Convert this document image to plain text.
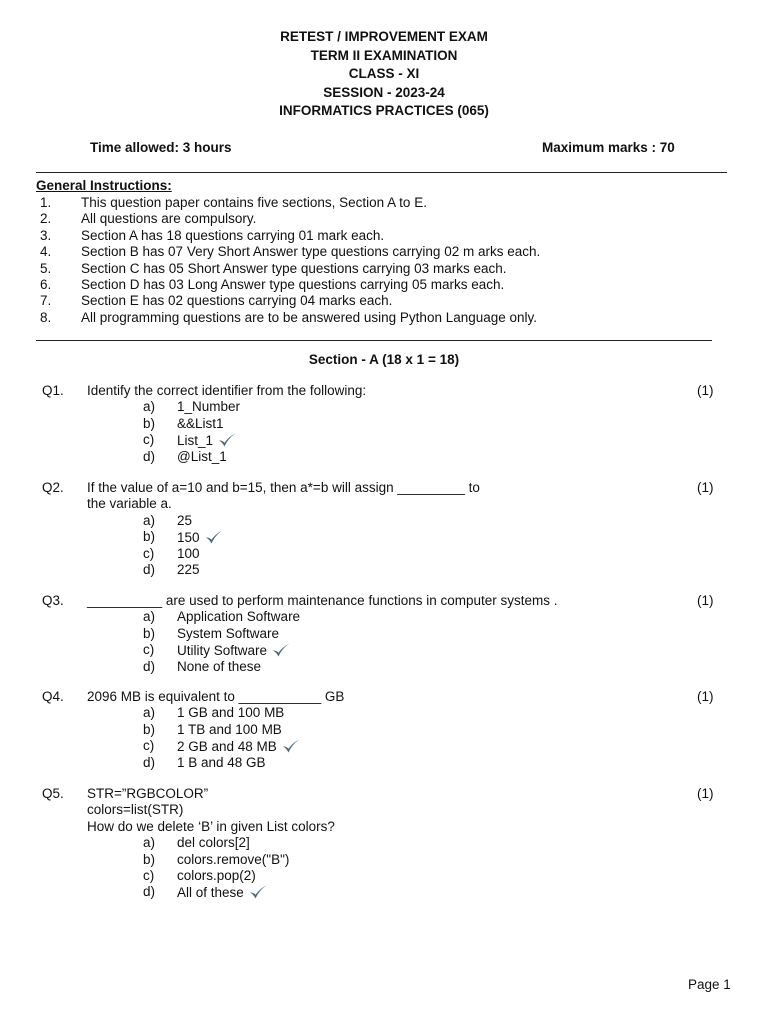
RETEST / IMPROVEMENT EXAM
TERM II EXAMINATION
CLASS - XI
SESSION - 2023-24
INFORMATICS PRACTICES (065)
Time allowed: 3 hours	Maximum marks : 70
General Instructions:
1. This question paper contains five sections, Section A to E.
2. All questions are compulsory.
3. Section A has 18 questions carrying 01 mark each.
4. Section B has 07 Very Short Answer type questions carrying 02 m arks each.
5. Section C has 05 Short Answer type questions carrying 03 marks each.
6. Section D has 03 Long Answer type questions carrying 05 marks each.
7. Section E has 02 questions carrying 04 marks each.
8. All programming questions are to be answered using Python Language only.
Section - A (18 x 1 = 18)
Q1. Identify the correct identifier from the following:	(1)
a) 1_Number
b) &&List1
c) List_1
d) @List_1
Q2. If the value of a=10 and b=15, then a*=b will assign _________ to
the variable a.
(1)
a) 25
b) 150
c) 100
d) 225
Q3. __________ are used to perform maintenance functions in computer systems .	(1)
a) Application Software
b) System Software
c) Utility Software
d) None of these
Q4. 2096 MB is equivalent to ___________ GB	(1)
a) 1 GB and 100 MB
b) 1 TB and 100 MB
c) 2 GB and 48 MB
d) 1 B and 48 GB
Q5. STR=”RGBCOLOR”
colors=list(STR)
How do we delete ‘B’ in given List colors?
(1)
a) del colors[2]
b) colors.remove("B")
c) colors.pop(2)
d) All of these
Page 1
